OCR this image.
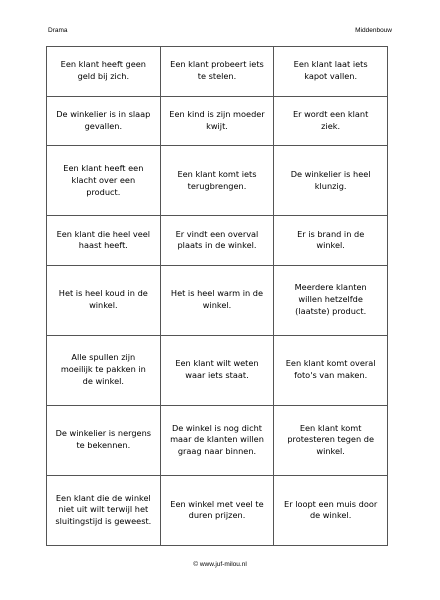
Drama	Middenbouw
Een klant heeft geen geld bij zich.	Een klant probeert iets te stelen.	Een klant laat iets kapot vallen.
De winkelier is in slaap gevallen.	Een kind is zijn moeder kwijt.	Er wordt een klant ziek.
Een klant heeft een klacht over een product.	Een klant komt iets terugbrengen.	De winkelier is heel klunzig.
Een klant die heel veel haast heeft.	Er vindt een overval plaats in de winkel.	Er is brand in de winkel.
Het is heel koud in de winkel.	Het is heel warm in de winkel.	Meerdere klanten willen hetzelfde (laatste) product.
Alle spullen zijn moeilijk te pakken in de winkel.	Een klant wilt weten waar iets staat.	Een klant komt overal foto's van maken.
De winkelier is nergens te bekennen.	De winkel is nog dicht maar de klanten willen graag naar binnen.	Een klant komt protesteren tegen de winkel.
Een klant die de winkel niet uit wilt terwijl het sluitingstijd is geweest.	Een winkel met veel te duren prijzen.	Er loopt een muis door de winkel.
© www.juf-milou.nl
